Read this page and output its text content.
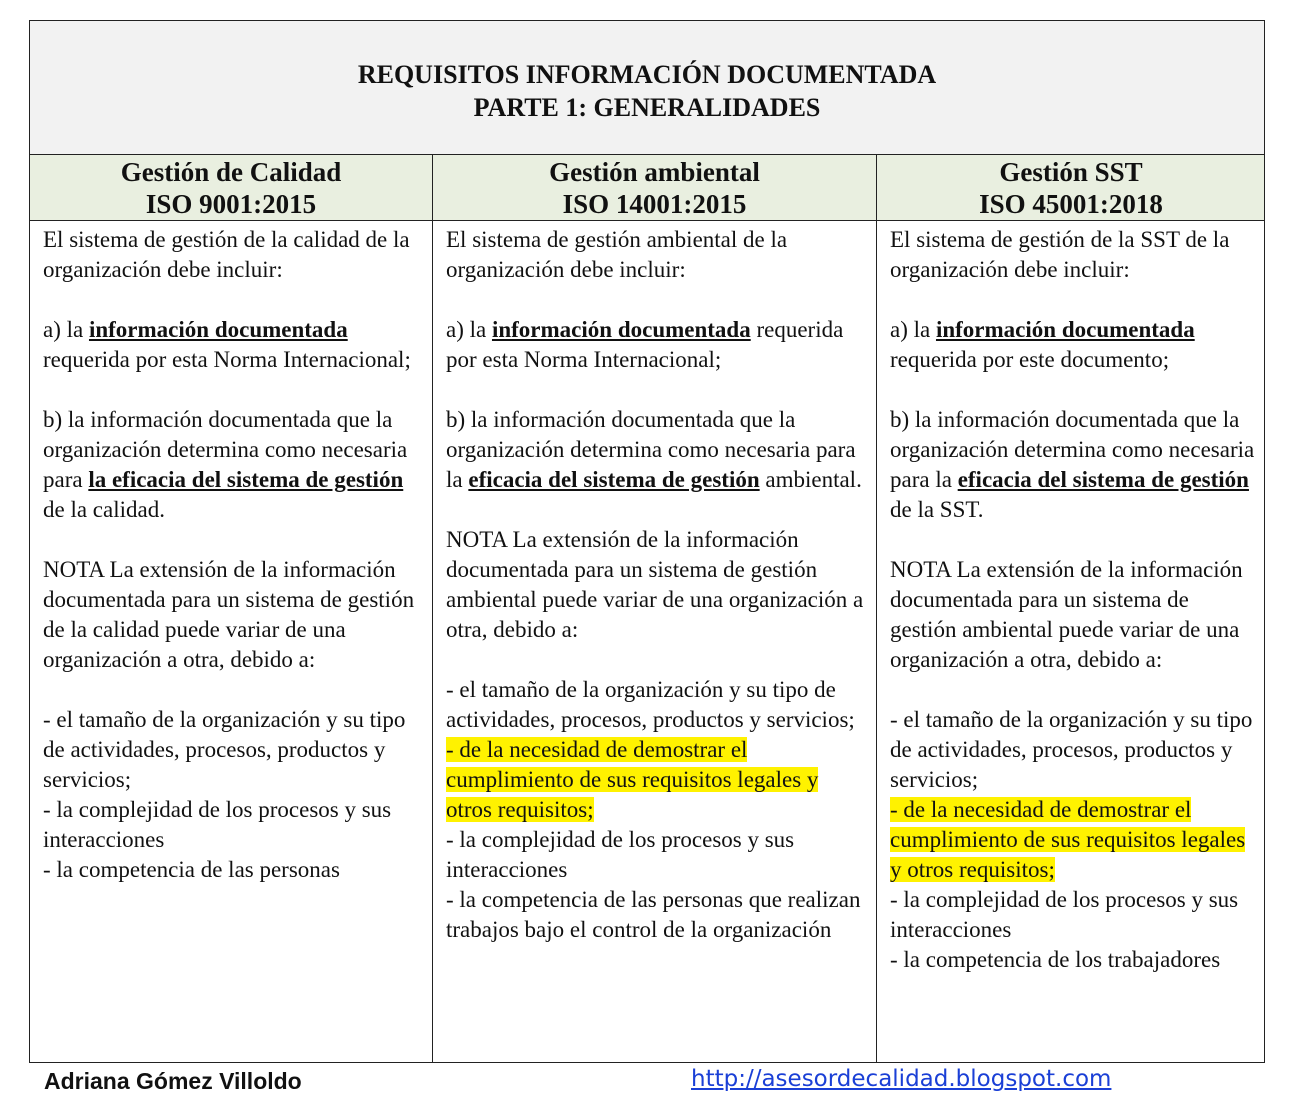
REQUISITOS INFORMACIÓN DOCUMENTADA
PARTE 1: GENERALIDADES
Gestión de Calidad
ISO 9001:2015
Gestión ambiental
ISO 14001:2015
Gestión SST
ISO 45001:2018

El sistema de gestión de la calidad de la organización debe incluir:

a) la información documentada requerida por esta Norma Internacional;

b) la información documentada que la organización determina como necesaria para la eficacia del sistema de gestión de la calidad.

NOTA La extensión de la información documentada para un sistema de gestión de la calidad puede variar de una organización a otra, debido a:

- el tamaño de la organización y su tipo de actividades, procesos, productos y servicios;

- la complejidad de los procesos y sus interacciones

- la competencia de las personas

El sistema de gestión ambiental de la organización debe incluir:

a) la información documentada requerida por esta Norma Internacional;

b) la información documentada que la organización determina como necesaria para la eficacia del sistema de gestión ambiental.

NOTA La extensión de la información documentada para un sistema de gestión ambiental puede variar de una organización a otra, debido a:

- el tamaño de la organización y su tipo de actividades, procesos, productos y servicios;

- de la necesidad de demostrar el cumplimiento de sus requisitos legales y otros requisitos;

- la complejidad de los procesos y sus interacciones

- la competencia de las personas que realizan trabajos bajo el control de la organización

El sistema de gestión de la SST de la organización debe incluir:

a) la información documentada requerida por este documento;

b) la información documentada que la organización determina como necesaria para la eficacia del sistema de gestión de la SST.

NOTA La extensión de la información documentada para un sistema de gestión ambiental puede variar de una organización a otra, debido a:

- el tamaño de la organización y su tipo de actividades, procesos, productos y servicios;

- de la necesidad de demostrar el cumplimiento de sus requisitos legales y otros requisitos;

- la complejidad de los procesos y sus interacciones

- la competencia de los trabajadores

Adriana Gómez Villoldo	http://asesordecalidad.blogspot.com
